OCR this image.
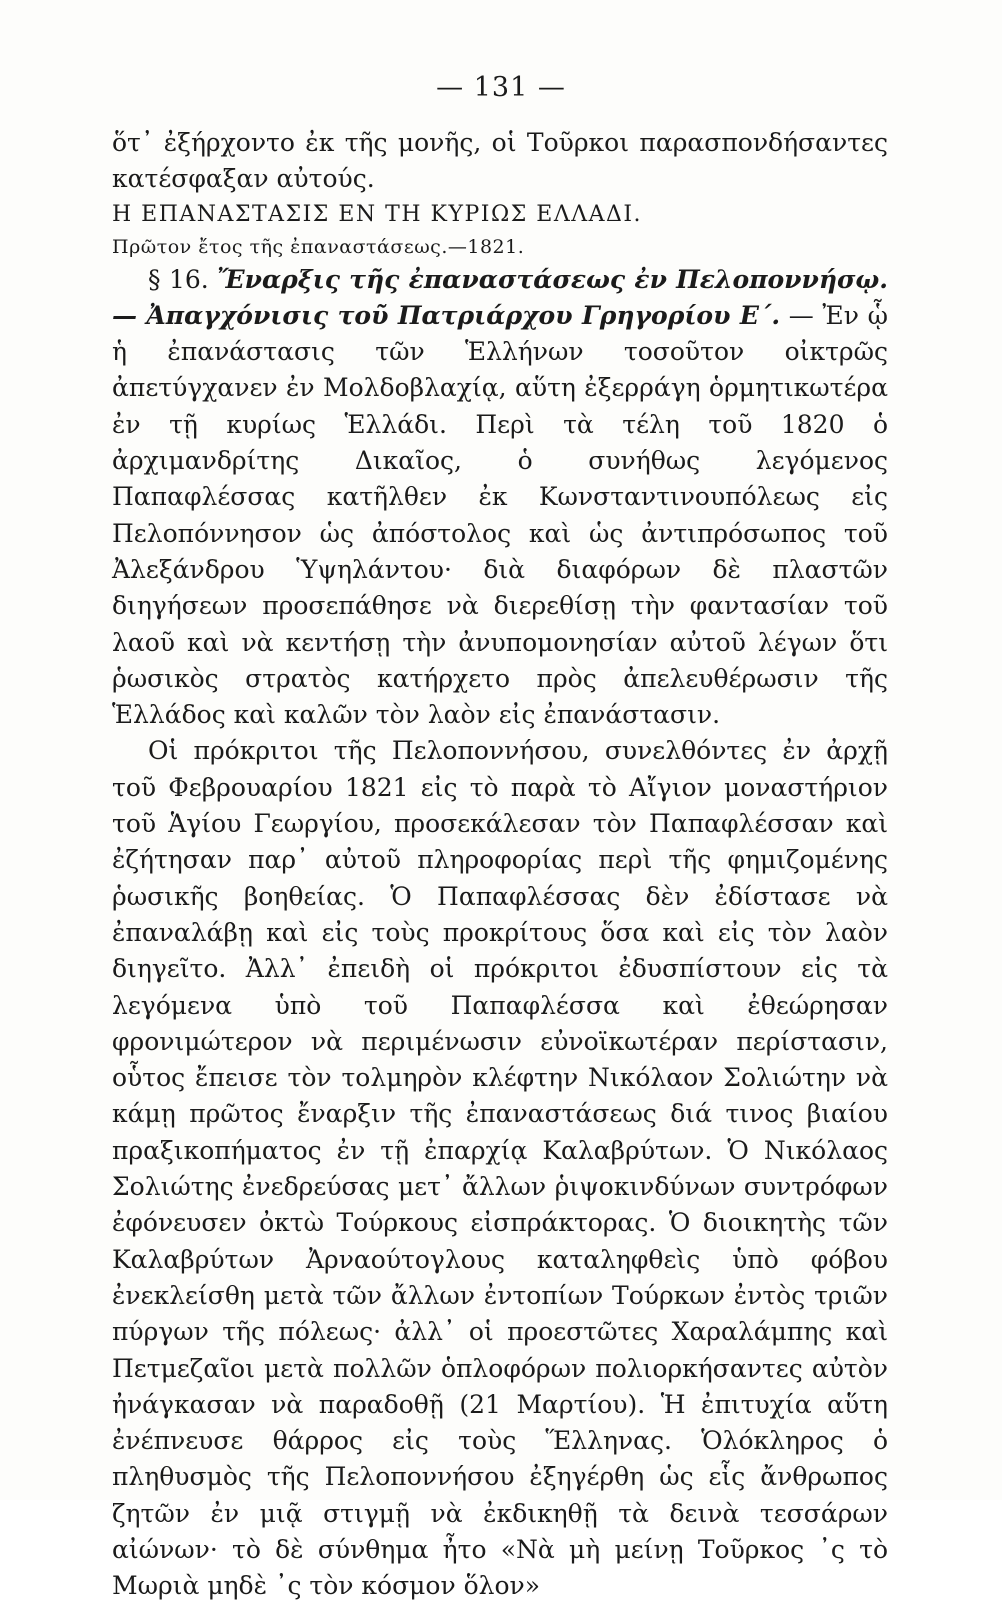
— 131 —

ὅτ᾿ ἐξήρχοντο ἐκ τῆς μονῆς, οἱ Τοῦρκοι παρασπονδήσαντες κατέσφαξαν αὐτούς.

Η ΕΠΑΝΑΣΤΑΣΙΣ ΕΝ ΤΗ ΚΥΡΙΩΣ ΕΛΛΑΔΙ.

Πρῶτον ἔτος τῆς ἐπαναστάσεως.—1821.

§ 16. Ἔναρξις τῆς ἐπαναστάσεως ἐν Πελοποννήσῳ. — Ἀπαγχόνισις τοῦ Πατριάρχου Γρηγορίου Ε΄. — Ἐν ᾧ ἡ ἐπανάστασις τῶν Ἑλλήνων τοσοῦτον οἰκτρῶς ἀπετύγχανεν ἐν Μολδοβλαχίᾳ, αὕτη ἐξερράγη ὁρμητικωτέρα ἐν τῇ κυρίως Ἑλλάδι. Περὶ τὰ τέλη τοῦ 1820 ὁ ἀρχιμανδρίτης Δικαῖος, ὁ συνήθως λεγόμενος Παπαφλέσσας κατῆλθεν ἐκ Κωνσταντινουπόλεως εἰς Πελοπόννησον ὡς ἀπόστολος καὶ ὡς ἀντιπρόσωπος τοῦ Ἀλεξάνδρου Ὑψηλάντου· διὰ διαφόρων δὲ πλαστῶν διηγήσεων προσεπάθησε νὰ διερεθίσῃ τὴν φαντασίαν τοῦ λαοῦ καὶ νὰ κεντήσῃ τὴν ἀνυπομονησίαν αὐτοῦ λέγων ὅτι ῥωσικὸς στρατὸς κατήρχετο πρὸς ἀπελευθέρωσιν τῆς Ἑλλάδος καὶ καλῶν τὸν λαὸν εἰς ἐπανάστασιν.

Οἱ πρόκριτοι τῆς Πελοποννήσου, συνελθόντες ἐν ἀρχῇ τοῦ Φεβρουαρίου 1821 εἰς τὸ παρὰ τὸ Αἴγιον μοναστήριον τοῦ Ἁγίου Γεωργίου, προσεκάλεσαν τὸν Παπαφλέσσαν καὶ ἐζήτησαν παρ᾿ αὐτοῦ πληροφορίας περὶ τῆς φημιζομένης ῥωσικῆς βοηθείας. Ὁ Παπαφλέσσας δὲν ἐδίστασε νὰ ἐπαναλάβῃ καὶ εἰς τοὺς προκρίτους ὅσα καὶ εἰς τὸν λαὸν διηγεῖτο. Ἀλλ᾿ ἐπειδὴ οἱ πρόκριτοι ἐδυσπίστουν εἰς τὰ λεγόμενα ὑπὸ τοῦ Παπαφλέσσα καὶ ἐθεώρησαν φρονιμώτερον νὰ περιμένωσιν εὐνοϊκωτέραν περίστασιν, οὗτος ἔπεισε τὸν τολμηρὸν κλέφτην Νικόλαον Σολιώτην νὰ κάμῃ πρῶτος ἔναρξιν τῆς ἐπαναστάσεως διά τινος βιαίου πραξικοπήματος ἐν τῇ ἐπαρχίᾳ Καλαβρύτων. Ὁ Νικόλαος Σολιώτης ἐνεδρεύσας μετ᾿ ἄλλων ῥιψοκινδύνων συντρόφων ἐφόνευσεν ὀκτὼ Τούρκους εἰσπράκτορας. Ὁ διοικητὴς τῶν Καλαβρύτων Ἀρναούτογλους καταληφθεὶς ὑπὸ φόβου ἐνεκλείσθη μετὰ τῶν ἄλλων ἐντοπίων Τούρκων ἐντὸς τριῶν πύργων τῆς πόλεως· ἀλλ᾿ οἱ προεστῶτες Χαραλάμπης καὶ Πετμεζαῖοι μετὰ πολλῶν ὁπλοφόρων πολιορκήσαντες αὐτὸν ἠνάγκασαν νὰ παραδοθῇ (21 Μαρτίου). Ἡ ἐπιτυχία αὕτη ἐνέπνευσε θάρρος εἰς τοὺς Ἕλληνας. Ὁλόκληρος ὁ πληθυσμὸς τῆς Πελοποννήσου ἐξηγέρθη ὡς εἷς ἄνθρωπος ζητῶν ἐν μιᾷ στιγμῇ νὰ ἐκδικηθῇ τὰ δεινὰ τεσσάρων αἰώνων· τὸ δὲ σύνθημα ἦτο «Νὰ μὴ μείνῃ Τοῦρκος ᾿ς τὸ Μωριὰ μηδὲ ᾿ς τὸν κόσμον ὅλον»
